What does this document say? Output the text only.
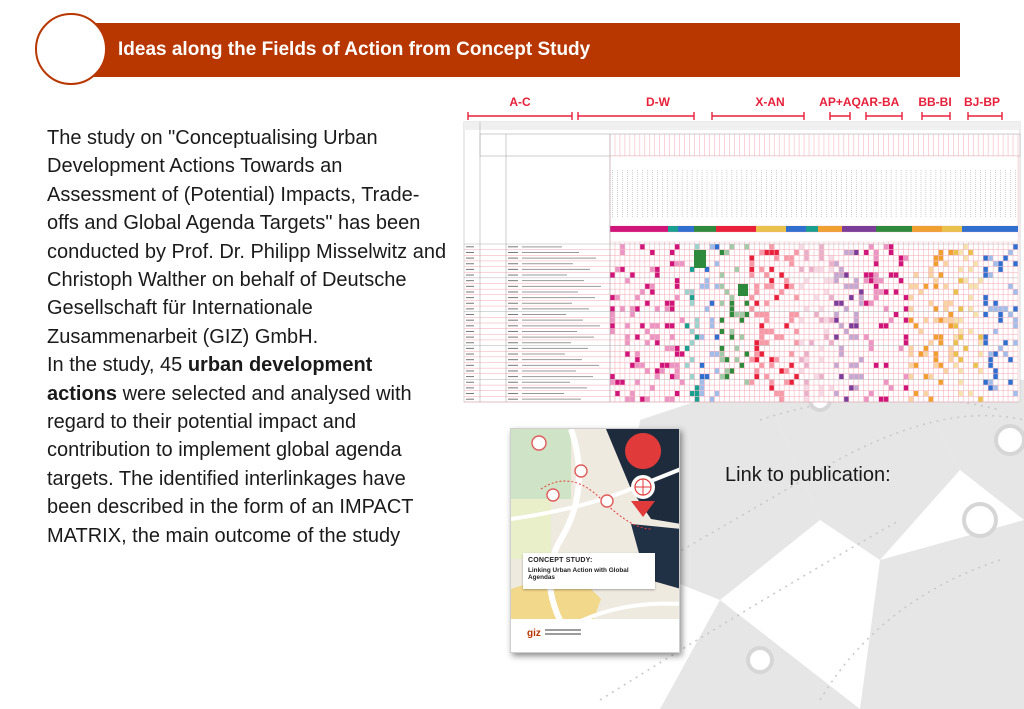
Ideas along the Fields of Action from Concept Study
The study on "Conceptualising Urban Development Actions Towards an Assessment of (Potential) Impacts, Trade-offs and Global Agenda Targets" has been conducted by Prof. Dr. Philipp Misselwitz and Christoph Walther on behalf of Deutsche Gesellschaft für Internationale Zusammenarbeit (GIZ) GmbH.
In the study, 45 urban development actions were selected and analysed with regard to their potential impact and contribution to implement global agenda targets. The identified interlinkages have been described in the form of an IMPACT MATRIX, the main outcome of the study
A-C	D-W	X-AN	AP+AQ AR-BA BB-BI BJ-BP
Link to publication:
CONCEPT STUDY:
Linking Urban Action with Global Agendas
giz
